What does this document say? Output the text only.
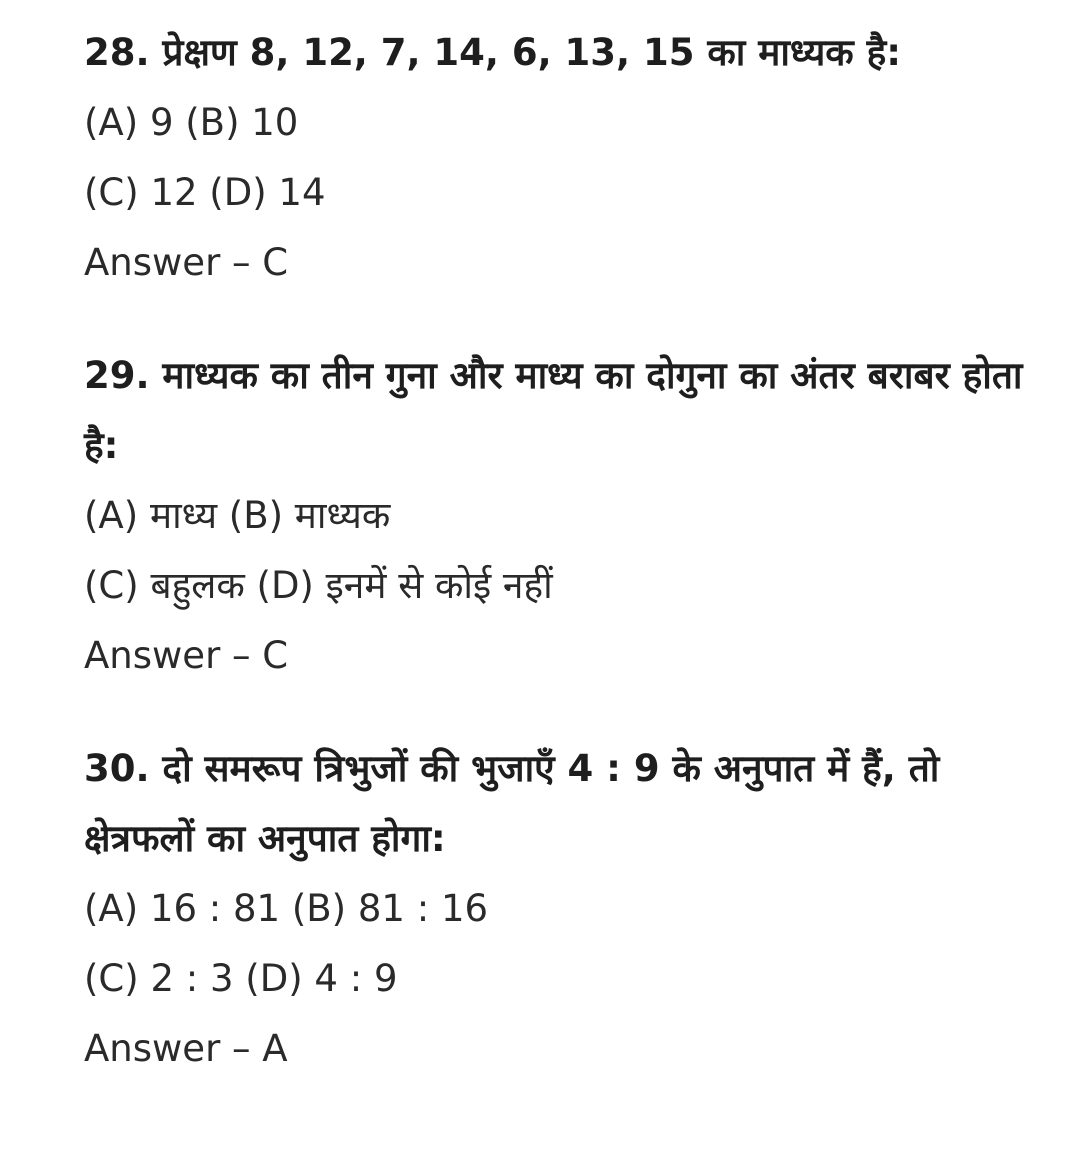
28. प्रेक्षण 8, 12, 7, 14, 6, 13, 15 का माध्यक है:

(A) 9 (B) 10

(C) 12 (D) 14

Answer – C

29. माध्यक का तीन गुना और माध्य का दोगुना का अंतर बराबर होता है:

(A) माध्य (B) माध्यक

(C) बहुलक (D) इनमें से कोई नहीं

Answer – C

30. दो समरूप त्रिभुजों की भुजाएँ 4 : 9 के अनुपात में हैं, तो क्षेत्रफलों का अनुपात होगा:

(A) 16 : 81 (B) 81 : 16

(C) 2 : 3 (D) 4 : 9

Answer – A
